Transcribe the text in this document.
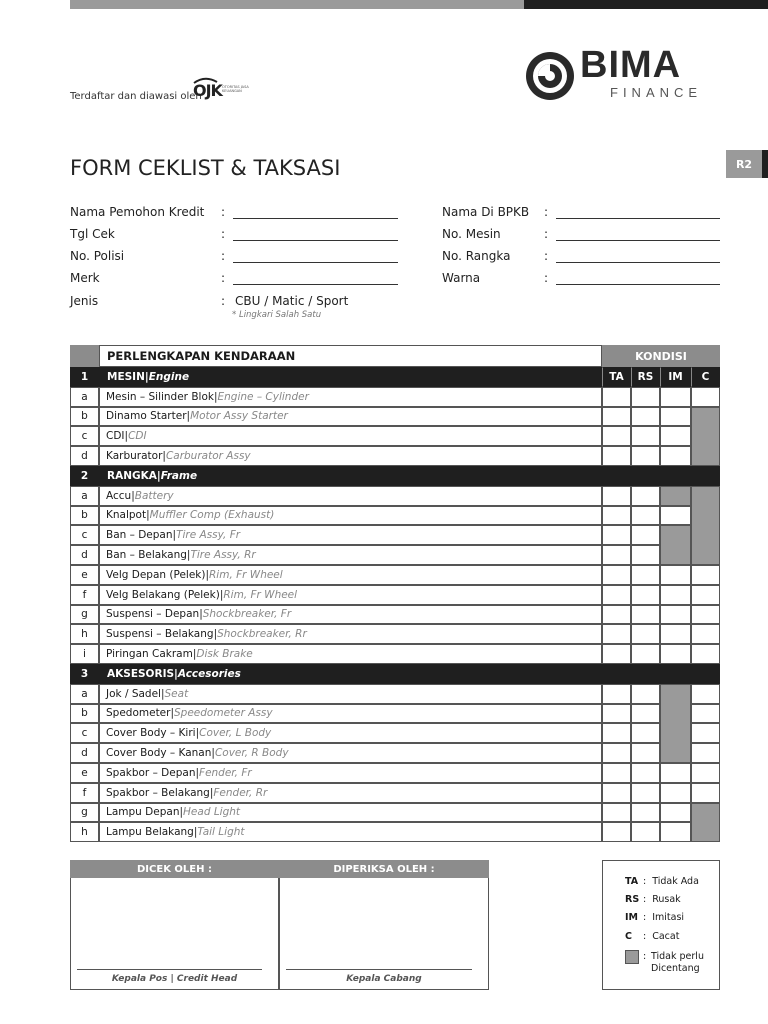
Terdaftar dan diawasi oleh
OJK OTORITAS JASA KEUANGAN
BIMA
FINANCE
FORM CEKLIST & TAKSASI	R2
Nama Pemohon Kredit :
Tgl Cek	:
No. Polisi	:
Merk	:
Nama Di BPKB :
No. Mesin	:
No. Rangka	:
Warna	:
Jenis	: CBU / Matic / Sport
* Lingkari Salah Satu
PERLENGKAPAN KENDARAAN	KONDISI
1	MESIN | Engine	TA	RS	IM	C
a	Mesin – Silinder Blok | Engine – Cylinder
b	Dinamo Starter | Motor Assy Starter
c	CDI | CDI
d	Karburator | Carburator Assy
2	RANGKA | Frame
a	Accu | Battery
b	Knalpot | Muffler Comp (Exhaust)
c	Ban – Depan | Tire Assy, Fr
d	Ban – Belakang | Tire Assy, Rr
e	Velg Depan (Pelek) | Rim, Fr Wheel
f	Velg Belakang (Pelek) | Rim, Fr Wheel
g	Suspensi – Depan | Shockbreaker, Fr
h	Suspensi – Belakang | Shockbreaker, Rr
i	Piringan Cakram | Disk Brake
3	AKSESORIS | Accesories
a	Jok / Sadel | Seat
b	Spedometer | Speedometer Assy
c	Cover Body – Kiri | Cover, L Body
d	Cover Body – Kanan | Cover, R Body
e	Spakbor – Depan | Fender, Fr
f	Spakbor – Belakang | Fender, Rr
g	Lampu Depan | Head Light
h	Lampu Belakang | Tail Light
DICEK OLEH :
Kepala Pos | Credit Head
DIPERIKSA OLEH :
Kepala Cabang
TA : Tidak Ada
RS : Rusak
IM : Imitasi
C : Cacat
: Tidak perlu
Dicentang
